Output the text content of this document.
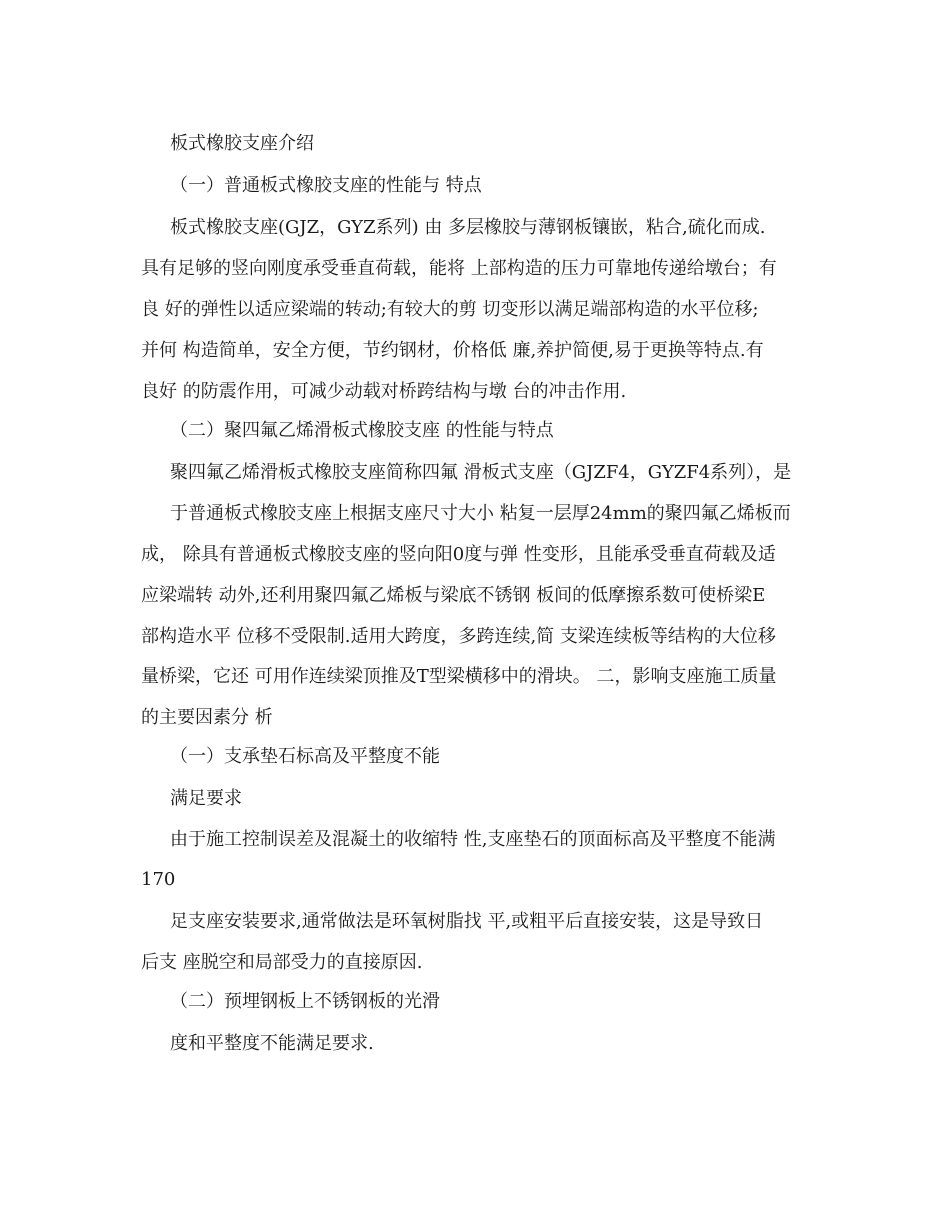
板式橡胶支座介绍
（一）普通板式橡胶支座的性能与 特点
板式橡胶支座(GJZ，GYZ系列) 由 多层橡胶与薄钢板镶嵌，粘合,硫化而成.
具有足够的竖向刚度承受垂直荷载，能将 上部构造的压力可靠地传递给墩台；有
良 好的弹性以适应梁端的转动;有较大的剪 切变形以满足端部构造的水平位移;
并何 构造简单，安全方便，节约钢材，价格低 廉,养护简便,易于更换等特点.有
良好 的防震作用，可减少动载对桥跨结构与墩 台的冲击作用.
（二）聚四氟乙烯滑板式橡胶支座 的性能与特点
聚四氟乙烯滑板式橡胶支座简称四氟 滑板式支座（GJZF4，GYZF4系列），是
于普通板式橡胶支座上根据支座尺寸大小 粘复一层厚24mm的聚四氟乙烯板而
成， 除具有普通板式橡胶支座的竖向阳0度与弹 性变形，且能承受垂直荷载及适
应梁端转 动外,还利用聚四氟乙烯板与梁底不锈钢 板间的低摩擦系数可使桥梁E
部构造水平 位移不受限制.适用大跨度，多跨连续,简 支梁连续板等结构的大位移
量桥梁，它还 可用作连续梁顶推及T型梁横移中的滑块。 二，影响支座施工质量
的主要因素分 析
（一）支承垫石标高及平整度不能
满足要求
由于施工控制误差及混凝土的收缩特 性,支座垫石的顶面标高及平整度不能满
170
足支座安装要求,通常做法是环氧树脂找 平,或粗平后直接安装，这是导致日
后支 座脱空和局部受力的直接原因.
（二）预埋钢板上不锈钢板的光滑
度和平整度不能满足要求.
